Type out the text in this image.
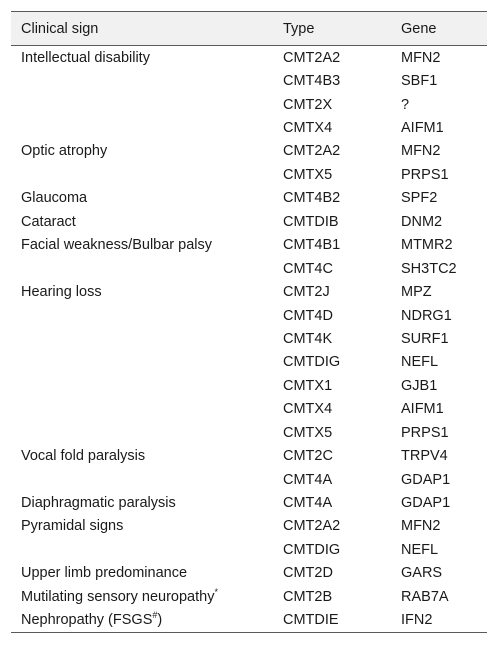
Clinical sign	Type	Gene
Intellectual disability	CMT2A2	MFN2
	CMT4B3	SBF1
	CMT2X	?
	CMTX4	AIFM1
Optic atrophy	CMT2A2	MFN2
	CMTX5	PRPS1
Glaucoma	CMT4B2	SPF2
Cataract	CMTDIB	DNM2
Facial weakness/Bulbar palsy	CMT4B1	MTMR2
	CMT4C	SH3TC2
Hearing loss	CMT2J	MPZ
	CMT4D	NDRG1
	CMT4K	SURF1
	CMTDIG	NEFL
	CMTX1	GJB1
	CMTX4	AIFM1
	CMTX5	PRPS1
Vocal fold paralysis	CMT2C	TRPV4
	CMT4A	GDAP1
Diaphragmatic paralysis	CMT4A	GDAP1
Pyramidal signs	CMT2A2	MFN2
	CMTDIG	NEFL
Upper limb predominance	CMT2D	GARS
Mutilating sensory neuropathy*	CMT2B	RAB7A
Nephropathy (FSGS#)	CMTDIE	IFN2
